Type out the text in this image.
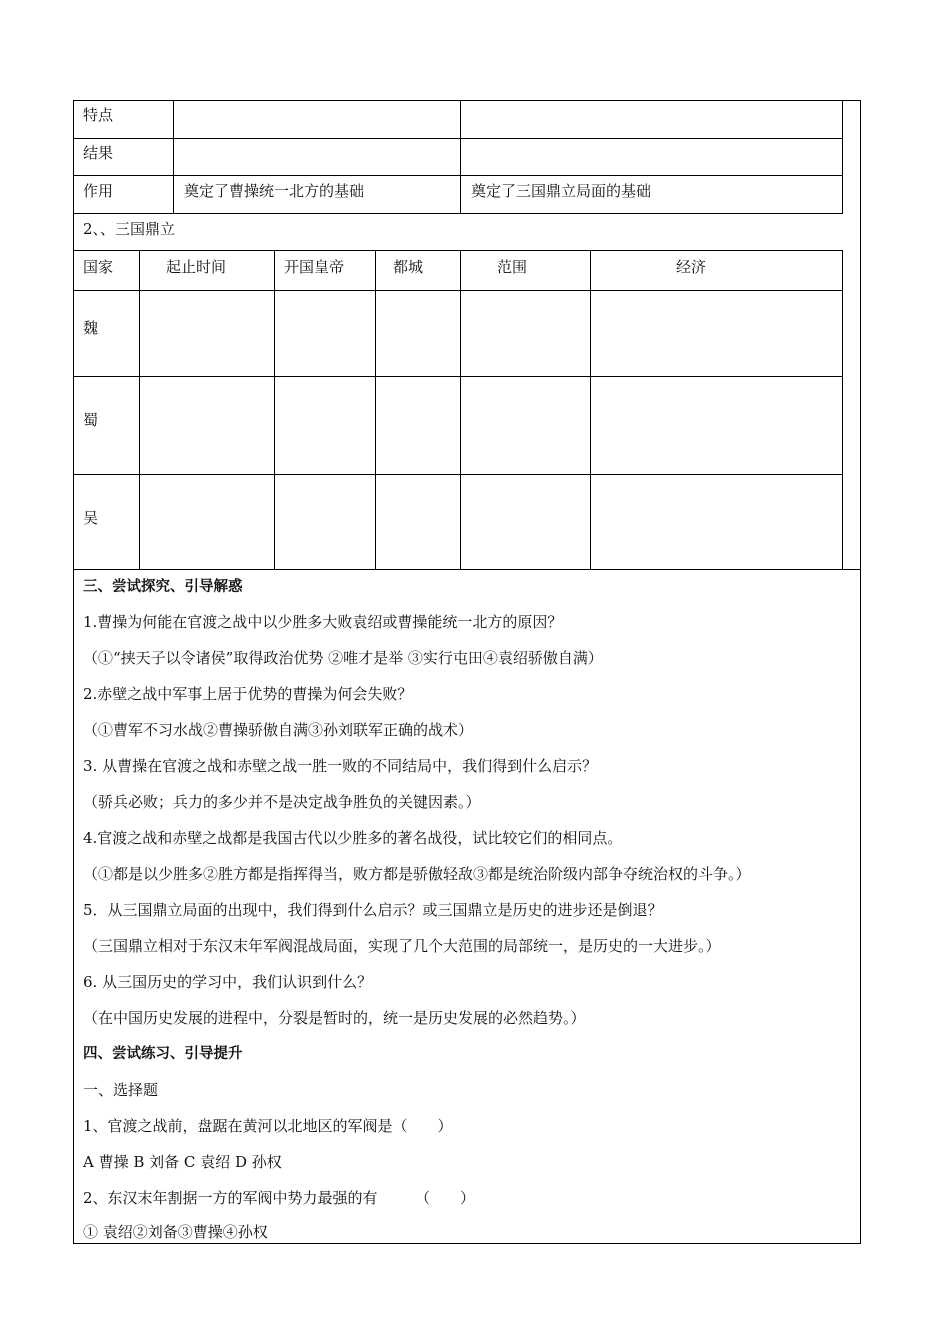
特点
结果
作用	奠定了曹操统一北方的基础	奠定了三国鼎立局面的基础
2、、三国鼎立
国家	起止时间	开国皇帝	都城	范围	经济
魏
蜀
吴
三、尝试探究、引导解惑
1.曹操为何能在官渡之战中以少胜多大败袁绍或曹操能统一北方的原因？
（①“挟天子以令诸侯”取得政治优势 ②唯才是举 ③实行屯田④袁绍骄傲自满）
2.赤壁之战中军事上居于优势的曹操为何会失败？
（①曹军不习水战②曹操骄傲自满③孙刘联军正确的战术）
3. 从曹操在官渡之战和赤壁之战一胜一败的不同结局中，我们得到什么启示？
（骄兵必败；兵力的多少并不是决定战争胜负的关键因素。）
4.官渡之战和赤壁之战都是我国古代以少胜多的著名战役，试比较它们的相同点。
（①都是以少胜多②胜方都是指挥得当，败方都是骄傲轻敌③都是统治阶级内部争夺统治权的斗争。）
5．从三国鼎立局面的出现中，我们得到什么启示？或三国鼎立是历史的进步还是倒退？
（三国鼎立相对于东汉末年军阀混战局面，实现了几个大范围的局部统一，是历史的一大进步。）
6. 从三国历史的学习中，我们认识到什么？
（在中国历史发展的进程中，分裂是暂时的，统一是历史发展的必然趋势。）
四、尝试练习、引导提升
一、选择题
1、官渡之战前，盘踞在黄河以北地区的军阀是（　　）
A 曹操 B 刘备 C 袁绍 D 孙权
2、东汉末年割据一方的军阀中势力最强的有　　　（　　）
① 袁绍②刘备③曹操④孙权
